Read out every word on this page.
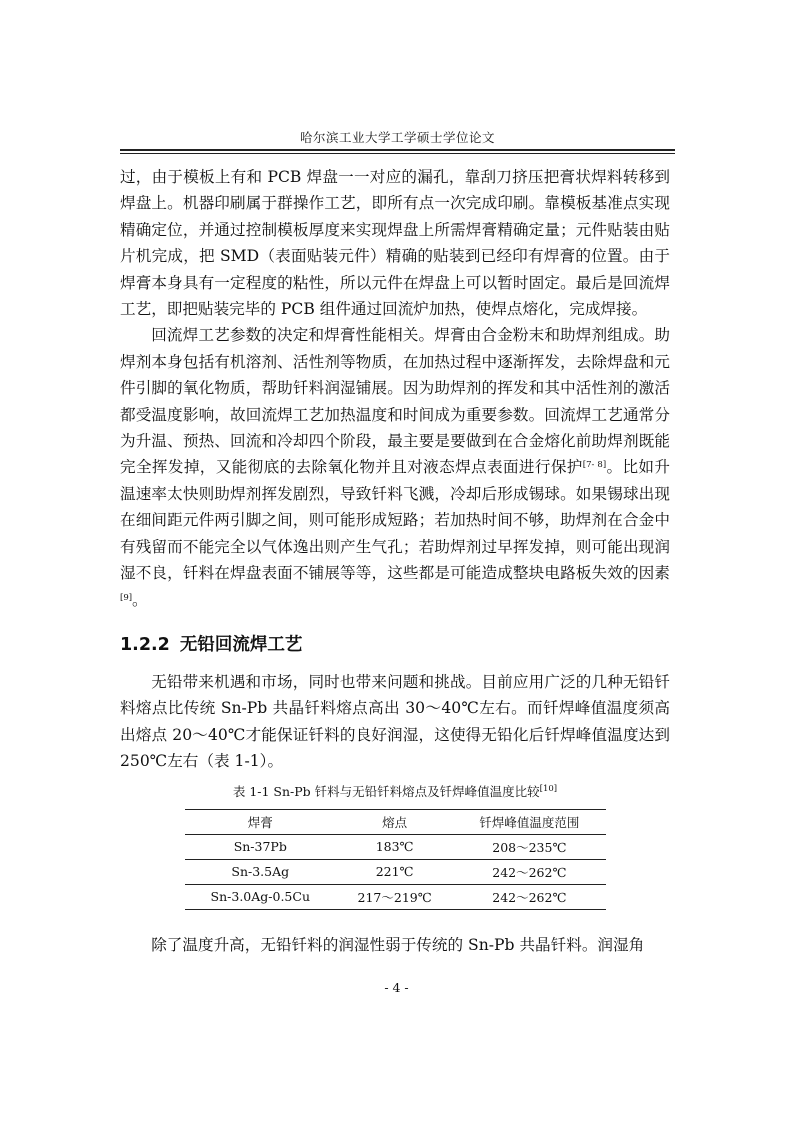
哈尔滨工业大学工学硕士学位论文

过，由于模板上有和 PCB 焊盘一一对应的漏孔，靠刮刀挤压把膏状焊料转移到焊盘上。机器印刷属于群操作工艺，即所有点一次完成印刷。靠模板基准点实现精确定位，并通过控制模板厚度来实现焊盘上所需焊膏精确定量；元件贴装由贴片机完成，把 SMD（表面贴装元件）精确的贴装到已经印有焊膏的位置。由于焊膏本身具有一定程度的粘性，所以元件在焊盘上可以暂时固定。最后是回流焊工艺，即把贴装完毕的 PCB 组件通过回流炉加热，使焊点熔化，完成焊接。

回流焊工艺参数的决定和焊膏性能相关。焊膏由合金粉末和助焊剂组成。助焊剂本身包括有机溶剂、活性剂等物质，在加热过程中逐渐挥发，去除焊盘和元件引脚的氧化物质，帮助钎料润湿铺展。因为助焊剂的挥发和其中活性剂的激活都受温度影响，故回流焊工艺加热温度和时间成为重要参数。回流焊工艺通常分为升温、预热、回流和冷却四个阶段，最主要是要做到在合金熔化前助焊剂既能完全挥发掉，又能彻底的去除氧化物并且对液态焊点表面进行保护[7- 8]。比如升温速率太快则助焊剂挥发剧烈，导致钎料飞溅，冷却后形成锡球。如果锡球出现在细间距元件两引脚之间，则可能形成短路；若加热时间不够，助焊剂在合金中有残留而不能完全以气体逸出则产生气孔；若助焊剂过早挥发掉，则可能出现润湿不良，钎料在焊盘表面不铺展等等，这些都是可能造成整块电路板失效的因素[9]。

1.2.2 无铅回流焊工艺

无铅带来机遇和市场，同时也带来问题和挑战。目前应用广泛的几种无铅钎料熔点比传统 Sn-Pb 共晶钎料熔点高出 30～40℃左右。而钎焊峰值温度须高出熔点 20～40℃才能保证钎料的良好润湿，这使得无铅化后钎焊峰值温度达到 250℃左右（表 1-1）。

表 1-1 Sn-Pb 钎料与无铅钎料熔点及钎焊峰值温度比较[10]
焊膏	熔点	钎焊峰值温度范围
Sn-37Pb	183℃	208～235℃
Sn-3.5Ag	221℃	242～262℃
Sn-3.0Ag-0.5Cu	217～219℃	242～262℃

除了温度升高，无铅钎料的润湿性弱于传统的 Sn-Pb 共晶钎料。润湿角

- 4 -
